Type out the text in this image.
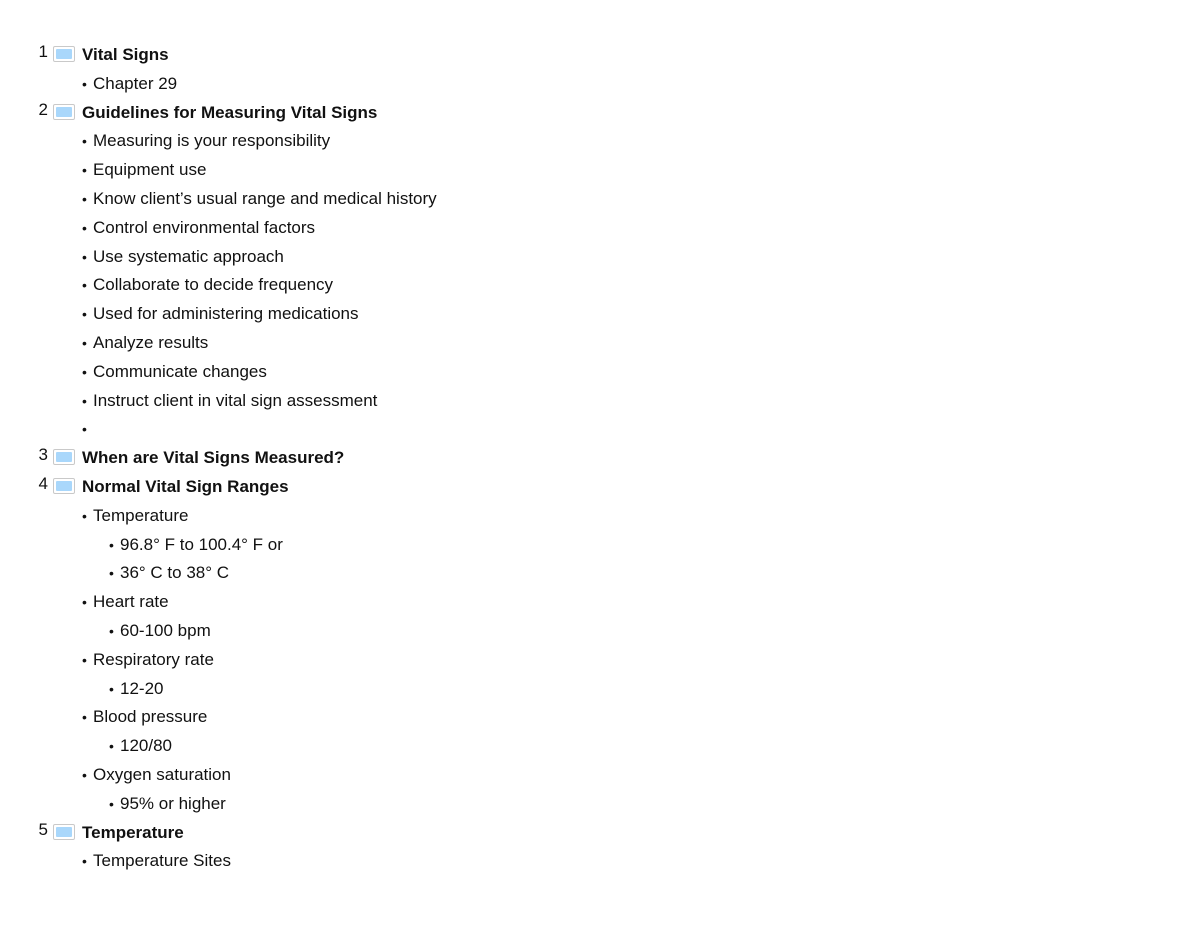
1 Vital Signs
• Chapter 29
2 Guidelines for Measuring Vital Signs
• Measuring is your responsibility
• Equipment use
• Know client’s usual range and medical history
• Control environmental factors
• Use systematic approach
• Collaborate to decide frequency
• Used for administering medications
• Analyze results
• Communicate changes
• Instruct client in vital sign assessment
•
3 When are Vital Signs Measured?
4 Normal Vital Sign Ranges
• Temperature
• 96.8° F to 100.4° F or
• 36° C to 38° C
• Heart rate
• 60-100 bpm
• Respiratory rate
• 12-20
• Blood pressure
• 120/80
• Oxygen saturation
• 95% or higher
5 Temperature
• Temperature Sites
